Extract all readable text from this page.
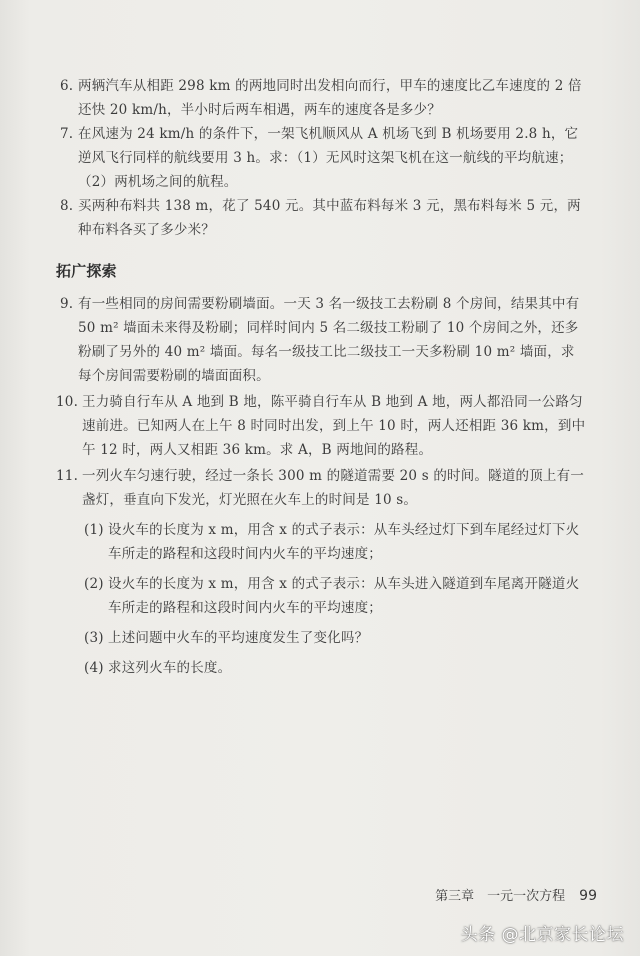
6. 两辆汽车从相距 298 km 的两地同时出发相向而行，甲车的速度比乙车速度的 2 倍还快 20 km/h，半小时后两车相遇，两车的速度各是多少？

7. 在风速为 24 km/h 的条件下，一架飞机顺风从 A 机场飞到 B 机场要用 2.8 h，它逆风飞行同样的航线要用 3 h。求：（1）无风时这架飞机在这一航线的平均航速；（2）两机场之间的航程。

8. 买两种布料共 138 m，花了 540 元。其中蓝布料每米 3 元，黑布料每米 5 元，两种布料各买了多少米？

拓广探索
9. 有一些相同的房间需要粉刷墙面。一天 3 名一级技工去粉刷 8 个房间，结果其中有 50 m² 墙面未来得及粉刷；同样时间内 5 名二级技工粉刷了 10 个房间之外，还多粉刷了另外的 40 m² 墙面。每名一级技工比二级技工一天多粉刷 10 m² 墙面，求每个房间需要粉刷的墙面面积。

10. 王力骑自行车从 A 地到 B 地，陈平骑自行车从 B 地到 A 地，两人都沿同一公路匀速前进。已知两人在上午 8 时同时出发，到上午 10 时，两人还相距 36 km，到中午 12 时，两人又相距 36 km。求 A，B 两地间的路程。

11. 一列火车匀速行驶，经过一条长 300 m 的隧道需要 20 s 的时间。隧道的顶上有一盏灯，垂直向下发光，灯光照在火车上的时间是 10 s。

(1) 设火车的长度为 x m，用含 x 的式子表示：从车头经过灯下到车尾经过灯下火车所走的路程和这段时间内火车的平均速度；

(2) 设火车的长度为 x m，用含 x 的式子表示：从车头进入隧道到车尾离开隧道火车所走的路程和这段时间内火车的平均速度；

(3) 上述问题中火车的平均速度发生了变化吗？

(4) 求这列火车的长度。

第三章　一元一次方程 99
头条 @北京家长论坛
